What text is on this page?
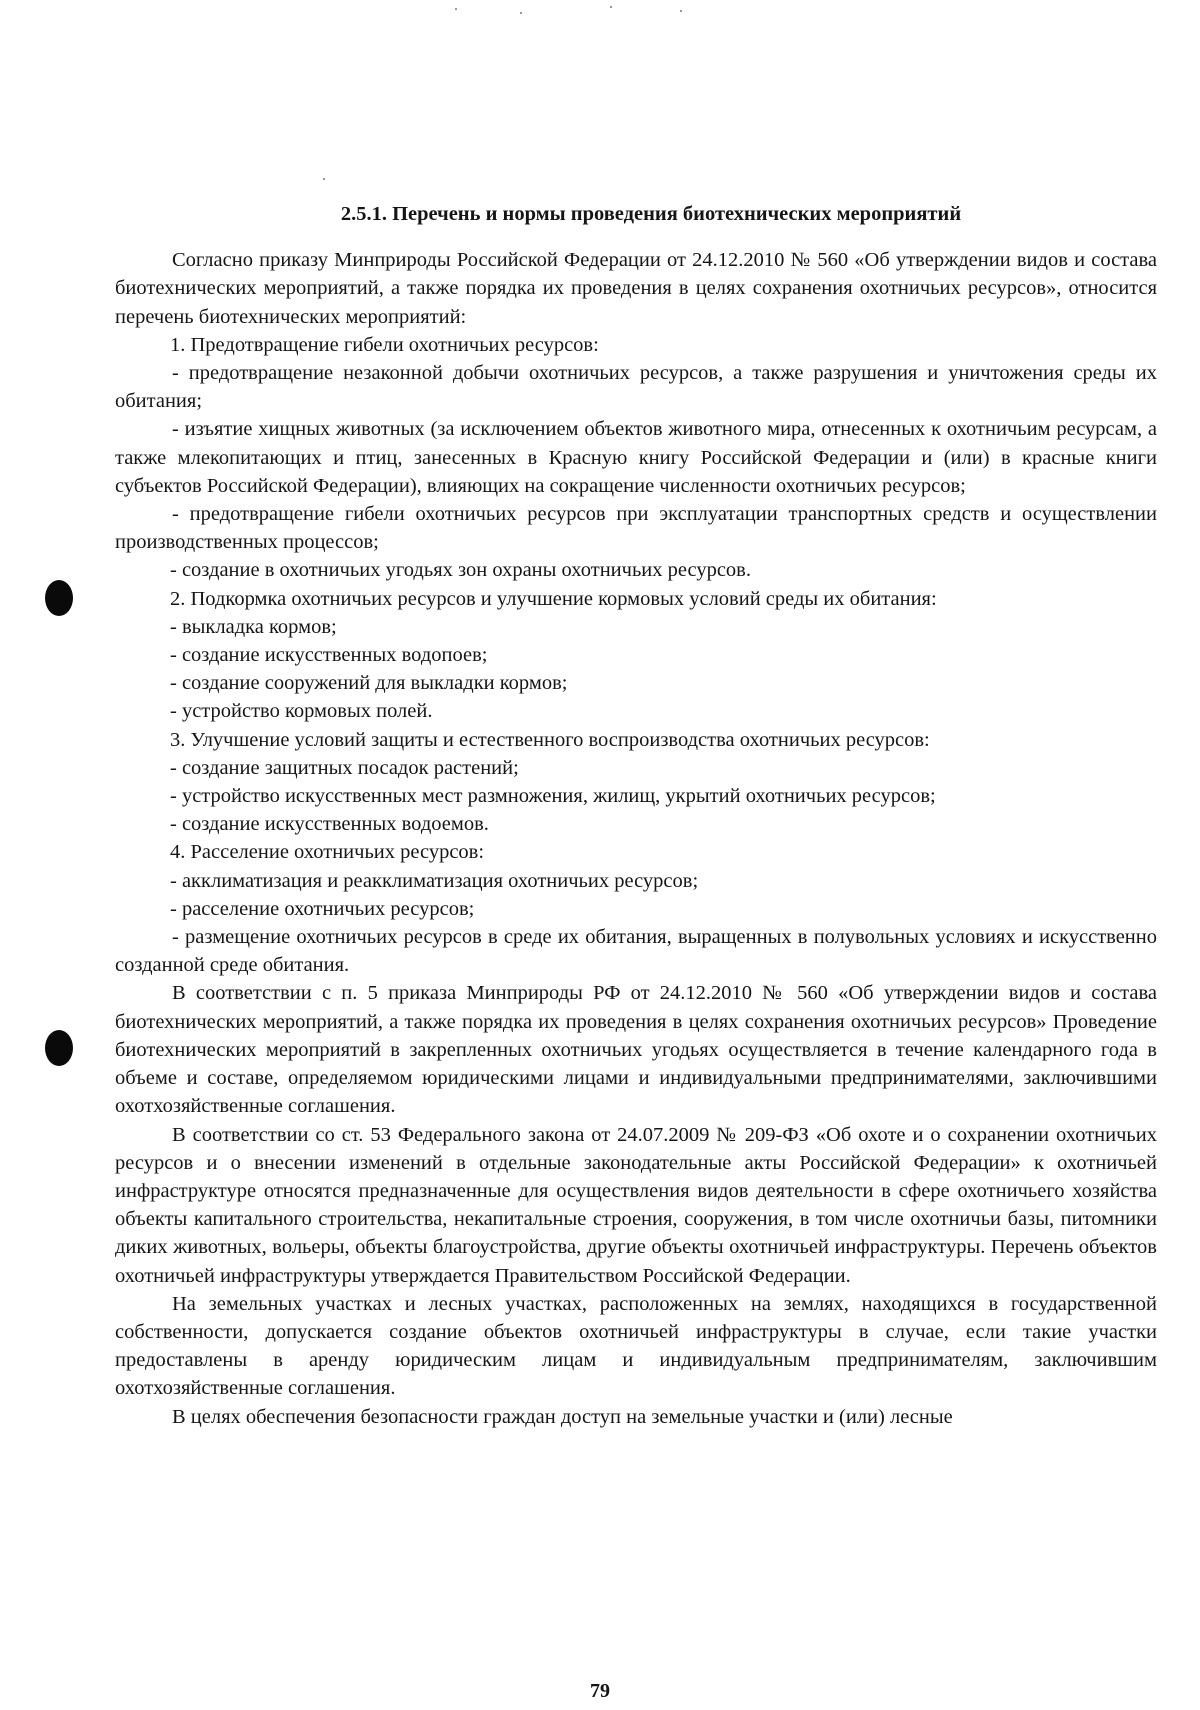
2.5.1. Перечень и нормы проведения биотехнических мероприятий

Согласно приказу Минприроды Российской Федерации от 24.12.2010 № 560 «Об утверждении видов и состава биотехнических мероприятий, а также порядка их проведения в целях сохранения охотничьих ресурсов», относится перечень биотехнических мероприятий:

1. Предотвращение гибели охотничьих ресурсов:

- предотвращение незаконной добычи охотничьих ресурсов, а также разрушения и уничтожения среды их обитания;

- изъятие хищных животных (за исключением объектов животного мира, отнесенных к охотничьим ресурсам, а также млекопитающих и птиц, занесенных в Красную книгу Российской Федерации и (или) в красные книги субъектов Российской Федерации), влияющих на сокращение численности охотничьих ресурсов;

- предотвращение гибели охотничьих ресурсов при эксплуатации транспортных средств и осуществлении производственных процессов;

- создание в охотничьих угодьях зон охраны охотничьих ресурсов.

2. Подкормка охотничьих ресурсов и улучшение кормовых условий среды их обитания:

- выкладка кормов;

- создание искусственных водопоев;

- создание сооружений для выкладки кормов;

- устройство кормовых полей.

3. Улучшение условий защиты и естественного воспроизводства охотничьих ресурсов:

- создание защитных посадок растений;

- устройство искусственных мест размножения, жилищ, укрытий охотничьих ресурсов;

- создание искусственных водоемов.

4. Расселение охотничьих ресурсов:

- акклиматизация и реакклиматизация охотничьих ресурсов;

- расселение охотничьих ресурсов;

- размещение охотничьих ресурсов в среде их обитания, выращенных в полувольных условиях и искусственно созданной среде обитания.

В соответствии с п. 5 приказа Минприроды РФ от 24.12.2010 № 560 «Об утверждении видов и состава биотехнических мероприятий, а также порядка их проведения в целях сохранения охотничьих ресурсов» Проведение биотехнических мероприятий в закрепленных охотничьих угодьях осуществляется в течение календарного года в объеме и составе, определяемом юридическими лицами и индивидуальными предпринимателями, заключившими охотхозяйственные соглашения.

В соответствии со ст. 53 Федерального закона от 24.07.2009 № 209-ФЗ «Об охоте и о сохранении охотничьих ресурсов и о внесении изменений в отдельные законодательные акты Российской Федерации» к охотничьей инфраструктуре относятся предназначенные для осуществления видов деятельности в сфере охотничьего хозяйства объекты капитального строительства, некапитальные строения, сооружения, в том числе охотничьи базы, питомники диких животных, вольеры, объекты благоустройства, другие объекты охотничьей инфраструктуры. Перечень объектов охотничьей инфраструктуры утверждается Правительством Российской Федерации.

На земельных участках и лесных участках, расположенных на землях, находящихся в государственной собственности, допускается создание объектов охотничьей инфраструктуры в случае, если такие участки предоставлены в аренду юридическим лицам и индивидуальным предпринимателям, заключившим охотхозяйственные соглашения.

В целях обеспечения безопасности граждан доступ на земельные участки и (или) лесные

79
